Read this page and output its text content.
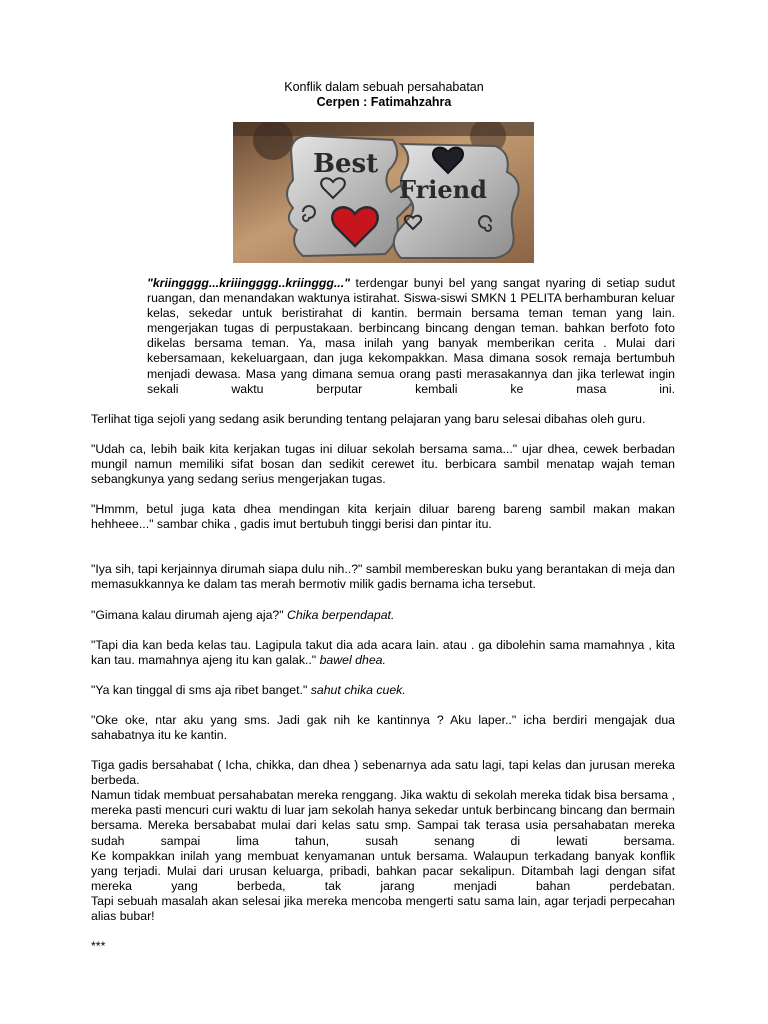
Konflik dalam sebuah persahabatan
Cerpen : Fatimahzahra
Best
Friend

"kriingggg...kriiingggg..kriinggg..." terdengar bunyi bel yang sangat nyaring di setiap sudut ruangan, dan menandakan waktunya istirahat. Siswa-siswi SMKN 1 PELITA berhamburan keluar kelas, sekedar untuk beristirahat di kantin. bermain bersama teman teman yang lain. mengerjakan tugas di perpustakaan. berbincang bincang dengan teman. bahkan berfoto foto dikelas bersama teman. Ya, masa inilah yang banyak memberikan cerita . Mulai dari kebersamaan, kekeluargaan, dan juga kekompakkan. Masa dimana sosok remaja bertumbuh menjadi dewasa. Masa yang dimana semua orang pasti merasakannya dan jika terlewat ingin sekali waktu berputar kembali ke masa ini.

Terlihat tiga sejoli yang sedang asik berunding tentang pelajaran yang baru selesai dibahas oleh guru.

"Udah ca, lebih baik kita kerjakan tugas ini diluar sekolah bersama sama..." ujar dhea, cewek berbadan mungil namun memiliki sifat bosan dan sedikit cerewet itu. berbicara sambil menatap wajah teman sebangkunya yang sedang serius mengerjakan tugas.

"Hmmm, betul juga kata dhea mendingan kita kerjain diluar bareng bareng sambil makan makan hehheee..." sambar chika , gadis imut bertubuh tinggi berisi dan pintar itu.

"Iya sih, tapi kerjainnya dirumah siapa dulu nih..?" sambil membereskan buku yang berantakan di meja dan memasukkannya ke dalam tas merah bermotiv milik gadis bernama icha tersebut.

"Gimana kalau dirumah ajeng aja?" Chika berpendapat.

"Tapi dia kan beda kelas tau. Lagipula takut dia ada acara lain. atau . ga dibolehin sama mamahnya , kita kan tau. mamahnya ajeng itu kan galak.." bawel dhea.

"Ya kan tinggal di sms aja ribet banget." sahut chika cuek.

"Oke oke, ntar aku yang sms. Jadi gak nih ke kantinnya ? Aku laper.." icha berdiri mengajak dua sahabatnya itu ke kantin.

Tiga gadis bersahabat ( Icha, chikka, dan dhea ) sebenarnya ada satu lagi, tapi kelas dan jurusan mereka berbeda.

Namun tidak membuat persahabatan mereka renggang. Jika waktu di sekolah mereka tidak bisa bersama , mereka pasti mencuri curi waktu di luar jam sekolah hanya sekedar untuk berbincang bincang dan bermain bersama. Mereka bersababat mulai dari kelas satu smp. Sampai tak terasa usia persahabatan mereka sudah sampai lima tahun, susah senang di lewati bersama.

Ke kompakkan inilah yang membuat kenyamanan untuk bersama. Walaupun terkadang banyak konflik yang terjadi. Mulai dari urusan keluarga, pribadi, bahkan pacar sekalipun. Ditambah lagi dengan sifat mereka yang berbeda, tak jarang menjadi bahan perdebatan.

Tapi sebuah masalah akan selesai jika mereka mencoba mengerti satu sama lain, agar terjadi perpecahan alias bubar!

***
